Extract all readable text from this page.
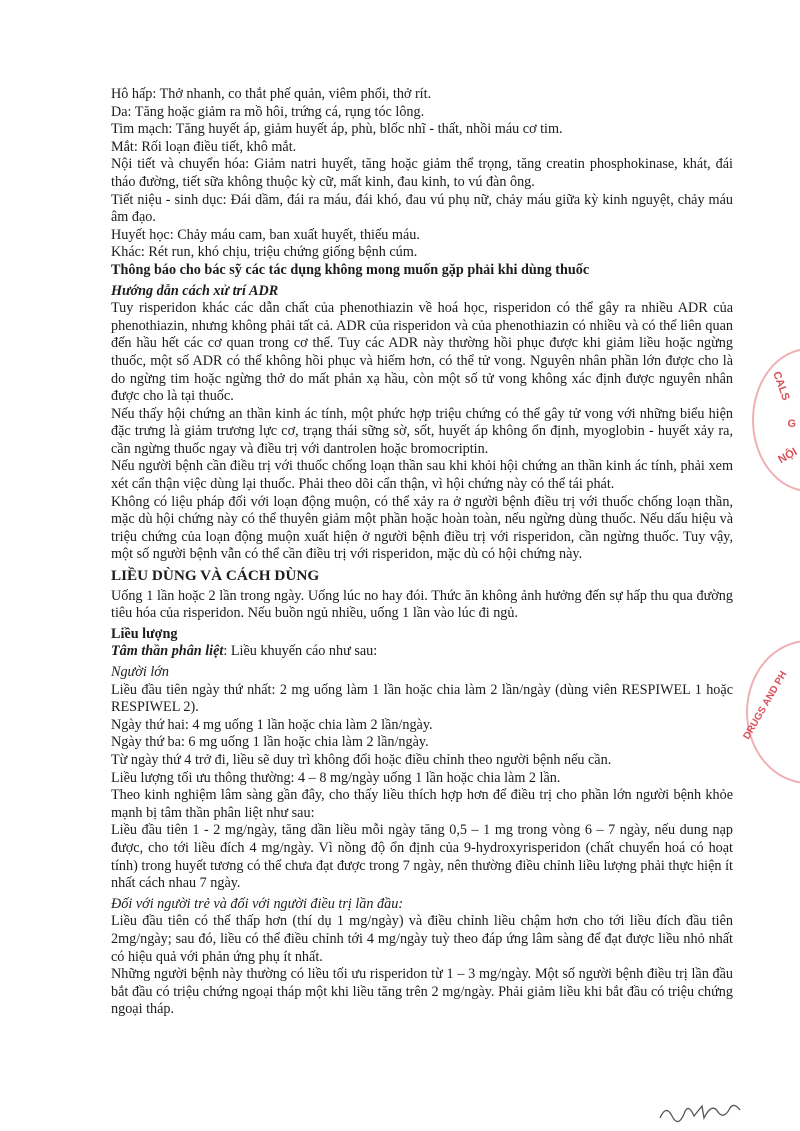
CALS
G
NỘI
DRUGS AND PH

Hô hấp: Thở nhanh, co thắt phế quản, viêm phổi, thở rít.

Da: Tăng hoặc giảm ra mồ hôi, trứng cá, rụng tóc lông.

Tim mạch: Tăng huyết áp, giảm huyết áp, phù, blốc nhĩ - thất, nhồi máu cơ tim.

Mắt: Rối loạn điều tiết, khô mắt.

Nội tiết và chuyển hóa: Giảm natri huyết, tăng hoặc giảm thể trọng, tăng creatin phosphokinase, khát, đái tháo đường, tiết sữa không thuộc kỳ cữ, mất kinh, đau kinh, to vú đàn ông.

Tiết niệu - sinh dục: Đái dầm, đái ra máu, đái khó, đau vú phụ nữ, chảy máu giữa kỳ kinh nguyệt, chảy máu âm đạo.

Huyết học: Chảy máu cam, ban xuất huyết, thiếu máu.

Khác: Rét run, khó chịu, triệu chứng giống bệnh cúm.

Thông báo cho bác sỹ các tác dụng không mong muốn gặp phải khi dùng thuốc

Hướng dẫn cách xử trí ADR

Tuy risperidon khác các dẫn chất của phenothiazin về hoá học, risperidon có thể gây ra nhiều ADR của phenothiazin, nhưng không phải tất cả. ADR của risperidon và của phenothiazin có nhiều và có thể liên quan đến hầu hết các cơ quan trong cơ thể. Tuy các ADR này thường hồi phục được khi giảm liều hoặc ngừng thuốc, một số ADR có thể không hồi phục và hiếm hơn, có thể tử vong. Nguyên nhân phần lớn được cho là do ngừng tim hoặc ngừng thở do mất phản xạ hầu, còn một số tử vong không xác định được nguyên nhân được cho là tại thuốc.

Nếu thấy hội chứng an thần kinh ác tính, một phức hợp triệu chứng có thể gây tử vong với những biểu hiện đặc trưng là giảm trương lực cơ, trạng thái sững sờ, sốt, huyết áp không ổn định, myoglobin - huyết xảy ra, cần ngừng thuốc ngay và điều trị với dantrolen hoặc bromocriptin.

Nếu người bệnh cần điều trị với thuốc chống loạn thần sau khi khỏi hội chứng an thần kinh ác tính, phải xem xét cẩn thận việc dùng lại thuốc. Phải theo dõi cẩn thận, vì hội chứng này có thể tái phát.

Không có liệu pháp đối với loạn động muộn, có thể xảy ra ở người bệnh điều trị với thuốc chống loạn thần, mặc dù hội chứng này có thể thuyên giảm một phần hoặc hoàn toàn, nếu ngừng dùng thuốc. Nếu dấu hiệu và triệu chứng của loạn động muộn xuất hiện ở người bệnh điều trị với risperidon, cần ngừng thuốc. Tuy vậy, một số người bệnh vẫn có thể cần điều trị với risperidon, mặc dù có hội chứng này.

LIỀU DÙNG VÀ CÁCH DÙNG

Uống 1 lần hoặc 2 lần trong ngày. Uống lúc no hay đói. Thức ăn không ảnh hưởng đến sự hấp thu qua đường tiêu hóa của risperidon. Nếu buồn ngủ nhiều, uống 1 lần vào lúc đi ngủ.

Liều lượng

Tâm thần phân liệt: Liều khuyến cáo như sau:

Người lớn

Liều đầu tiên ngày thứ nhất: 2 mg uống làm 1 lần hoặc chia làm 2 lần/ngày (dùng viên RESPIWEL 1 hoặc RESPIWEL 2).

Ngày thứ hai: 4 mg uống 1 lần hoặc chia làm 2 lần/ngày.

Ngày thứ ba: 6 mg uống 1 lần hoặc chia làm 2 lần/ngày.

Từ ngày thứ 4 trở đi, liều sẽ duy trì không đổi hoặc điều chỉnh theo người bệnh nếu cần.

Liều lượng tối ưu thông thường: 4 – 8 mg/ngày uống 1 lần hoặc chia làm 2 lần.

Theo kinh nghiệm lâm sàng gần đây, cho thấy liều thích hợp hơn để điều trị cho phần lớn người bệnh khỏe mạnh bị tâm thần phân liệt như sau:

Liều đầu tiên 1 - 2 mg/ngày, tăng dần liều mỗi ngày tăng 0,5 – 1 mg trong vòng 6 – 7 ngày, nếu dung nạp được, cho tới liều đích 4 mg/ngày. Vì nồng độ ổn định của 9-hydroxyrisperidon (chất chuyển hoá có hoạt tính) trong huyết tương có thể chưa đạt được trong 7 ngày, nên thường điều chỉnh liều lượng phải thực hiện ít nhất cách nhau 7 ngày.

Đối với người trẻ và đối với người điều trị lần đầu:

Liều đầu tiên có thể thấp hơn (thí dụ 1 mg/ngày) và điều chỉnh liều chậm hơn cho tới liều đích đầu tiên 2mg/ngày; sau đó, liều có thể điều chỉnh tới 4 mg/ngày tuỳ theo đáp ứng lâm sàng để đạt được liều nhỏ nhất có hiệu quả với phản ứng phụ ít nhất.

Những người bệnh này thường có liều tối ưu risperidon từ 1 – 3 mg/ngày. Một số người bệnh điều trị lần đầu bắt đầu có triệu chứng ngoại tháp một khi liều tăng trên 2 mg/ngày. Phải giảm liều khi bắt đầu có triệu chứng ngoại tháp.
